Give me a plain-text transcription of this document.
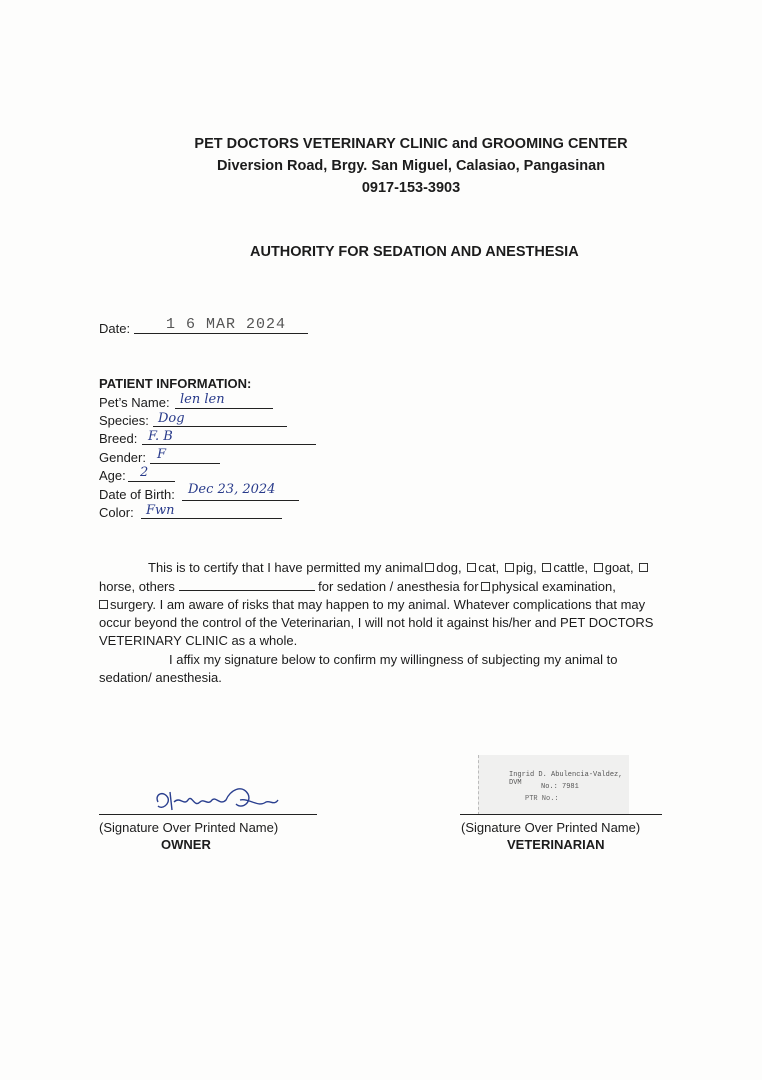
PET DOCTORS VETERINARY CLINIC and GROOMING CENTER
Diversion Road, Brgy. San Miguel, Calasiao, Pangasinan
0917-153-3903
AUTHORITY FOR SEDATION AND ANESTHESIA
Date: 1 6 MAR 2024
PATIENT INFORMATION:
Pet’s Name: len len
Species: Dog
Breed: F. B
Gender: F
Age: 2
Date of Birth: Dec 23, 2024
Color: Fwn
This is to certify that I have permitted my animal dog, cat, pig, cattle, goat,
horse, others	for sedation / anesthesia for physical examination,
surgery. I am aware of risks that may happen to my animal. Whatever complications that may
occur beyond the control of the Veterinarian, I will not hold it against his/her and PET DOCTORS
VETERINARY CLINIC as a whole.
I affix my signature below to confirm my willingness of subjecting my animal to
sedation/ anesthesia.
(Signature Over Printed Name)
OWNER
Ingrid D. Abulencia-Valdez, DVM	No.: 7981
PTR No.:
(Signature Over Printed Name)
VETERINARIAN
